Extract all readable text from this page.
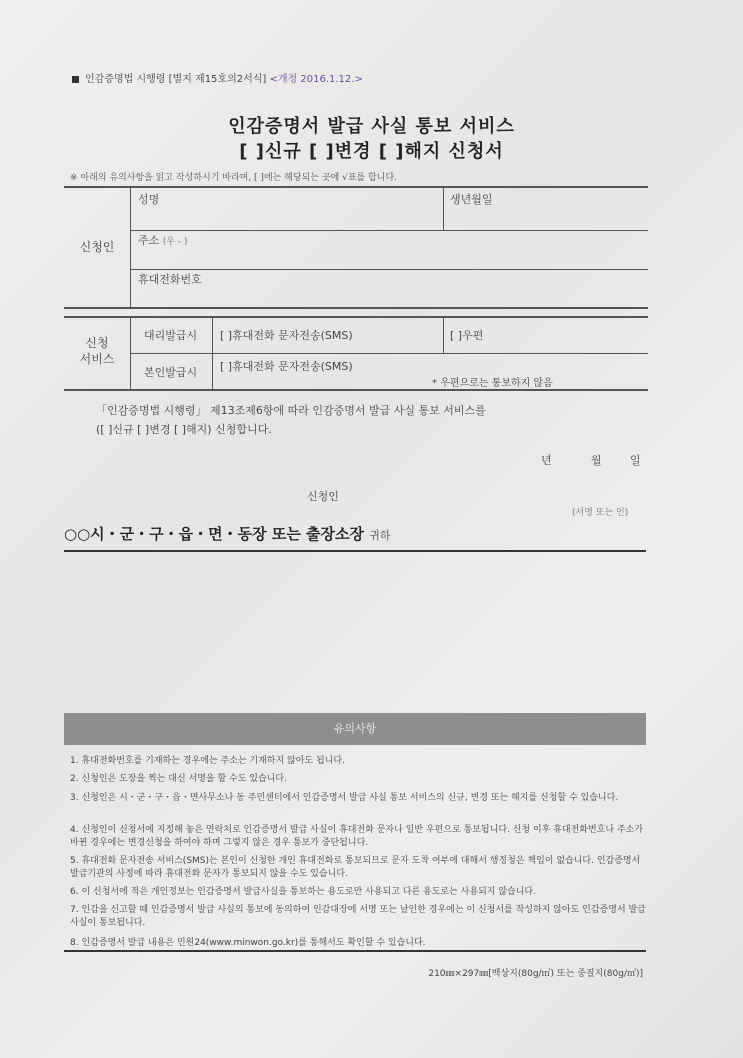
인감증명법 시행령 [별지 제15호의2서식] <개정 2016.1.12.>
인감증명서 발급 사실 통보 서비스
[ ]신규 [ ]변경 [ ]해지 신청서
※ 아래의 유의사항을 읽고 작성하시기 바라며, [ ]에는 해당되는 곳에 √표를 합니다.
신청인
성명	생년월일
주소 (우 - )
휴대전화번호
신청
서비스
대리발급시 [ ]휴대전화 문자전송(SMS)	[ ]우편
본인발급시 [ ]휴대전화 문자전송(SMS)
* 우편으로는 통보하지 않음
「인감증명법 시행령」 제13조제6항에 따라 인감증명서 발급 사실 통보 서비스를
([ ]신규 [ ]변경 [ ]해지) 신청합니다.
년	월	일
신청인
(서명 또는 인)
○○시・군・구・읍・면・동장 또는 출장소장 귀하
유의사항
1. 휴대전화번호를 기재하는 경우에는 주소는 기재하지 않아도 됩니다.
2. 신청인은 도장을 찍는 대신 서명을 할 수도 있습니다.
3. 신청인은 시・군・구・읍・면사무소나 동 주민센터에서 인감증명서 발급 사실 통보 서비스의 신규, 변경 또는 해지를 신청할 수 있습니다.
4. 신청인이 신청서에 지정해 놓은 연락처로 인감증명서 발급 사실이 휴대전화 문자나 일반 우편으로 통보됩니다. 신청 이후 휴대전화번호나 주소가 바뀐 경우에는 변경신청을 하여야 하며 그렇지 않은 경우 통보가 중단됩니다.
5. 휴대전화 문자전송 서비스(SMS)는 본인이 신청한 개인 휴대전화로 통보되므로 문자 도착 여부에 대해서 행정청은 책임이 없습니다. 인감증명서 발급기관의 사정에 따라 휴대전화 문자가 통보되지 않을 수도 있습니다.
6. 이 신청서에 적은 개인정보는 인감증명서 발급사실을 통보하는 용도로만 사용되고 다른 용도로는 사용되지 않습니다.
7. 인감을 신고할 때 인감증명서 발급 사실의 통보에 동의하여 인감대장에 서명 또는 날인한 경우에는 이 신청서를 작성하지 않아도 인감증명서 발급사실이 통보됩니다.
8. 인감증명서 발급 내용은 민원24(www.minwon.go.kr)를 통해서도 확인할 수 있습니다.
210㎜×297㎜[백상지(80g/㎡) 또는 중질지(80g/㎡)]
